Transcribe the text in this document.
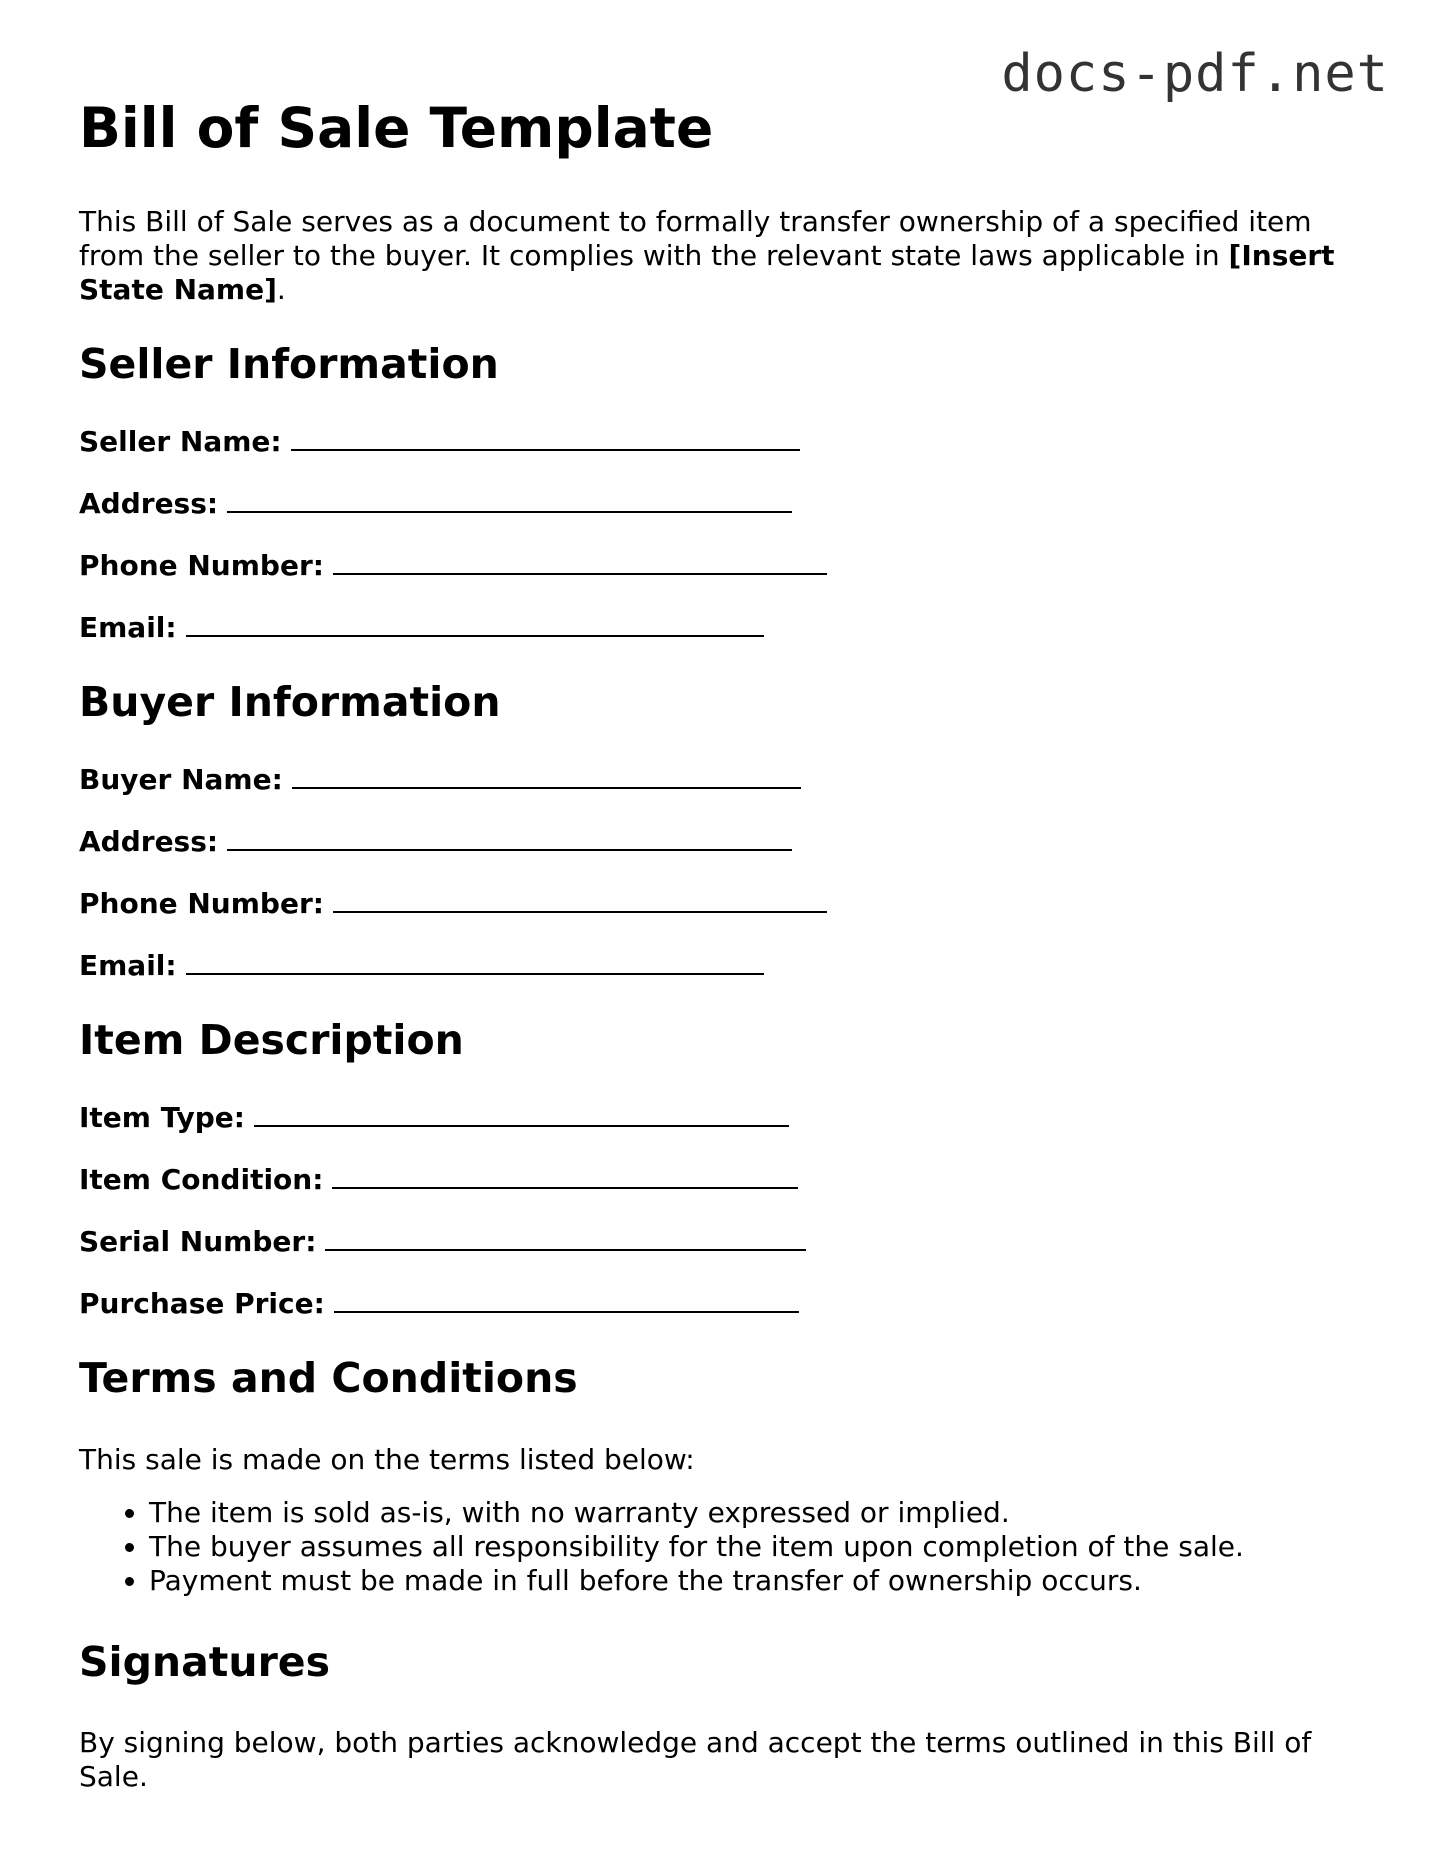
docs-pdf.net
Bill of Sale Template

This Bill of Sale serves as a document to formally transfer ownership of a specified item from the seller to the buyer. It complies with the relevant state laws applicable in [Insert State Name].

Seller Information
Seller Name:
Address:
Phone Number:
Email:
Buyer Information
Buyer Name:
Address:
Phone Number:
Email:
Item Description
Item Type:
Item Condition:
Serial Number:
Purchase Price:
Terms and Conditions

This sale is made on the terms listed below:

• The item is sold as-is, with no warranty expressed or implied.
• The buyer assumes all responsibility for the item upon completion of the sale.
• Payment must be made in full before the transfer of ownership occurs.
Signatures

By signing below, both parties acknowledge and accept the terms outlined in this Bill of Sale.
